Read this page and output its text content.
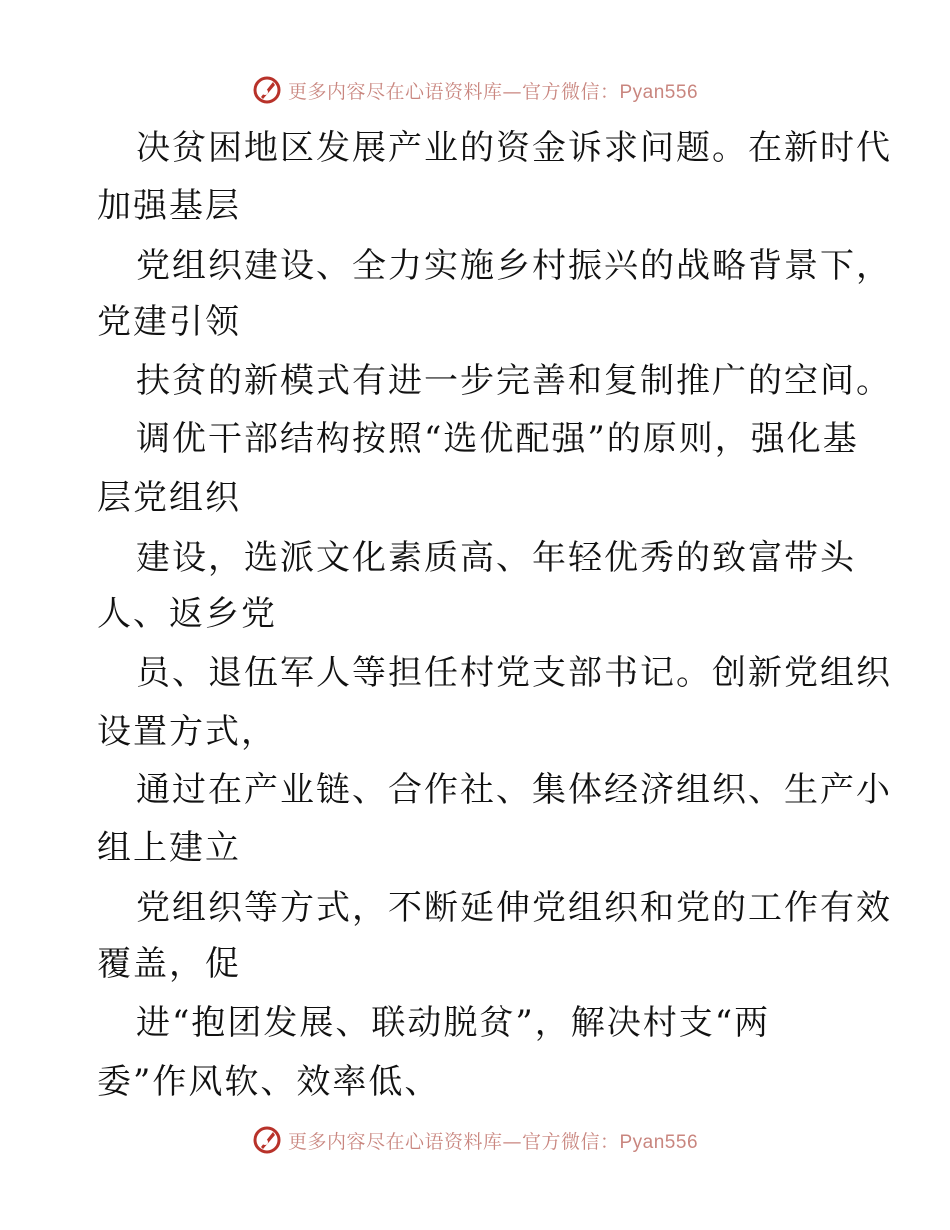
更多内容尽在心语资料库—官方微信：Pyan556
决贫困地区发展产业的资金诉求问题。在新时代
加强基层
党组织建设、全力实施乡村振兴的战略背景下，
党建引领
扶贫的新模式有进一步完善和复制推广的空间。
调优干部结构按照“选优配强”的原则，强化基
层党组织
建设，选派文化素质高、年轻优秀的致富带头
人、返乡党
员、退伍军人等担任村党支部书记。创新党组织
设置方式，
通过在产业链、合作社、集体经济组织、生产小
组上建立
党组织等方式，不断延伸党组织和党的工作有效
覆盖，促
进“抱团发展、联动脱贫”，解决村支“两
委”作风软、效率低、
更多内容尽在心语资料库—官方微信：Pyan556
